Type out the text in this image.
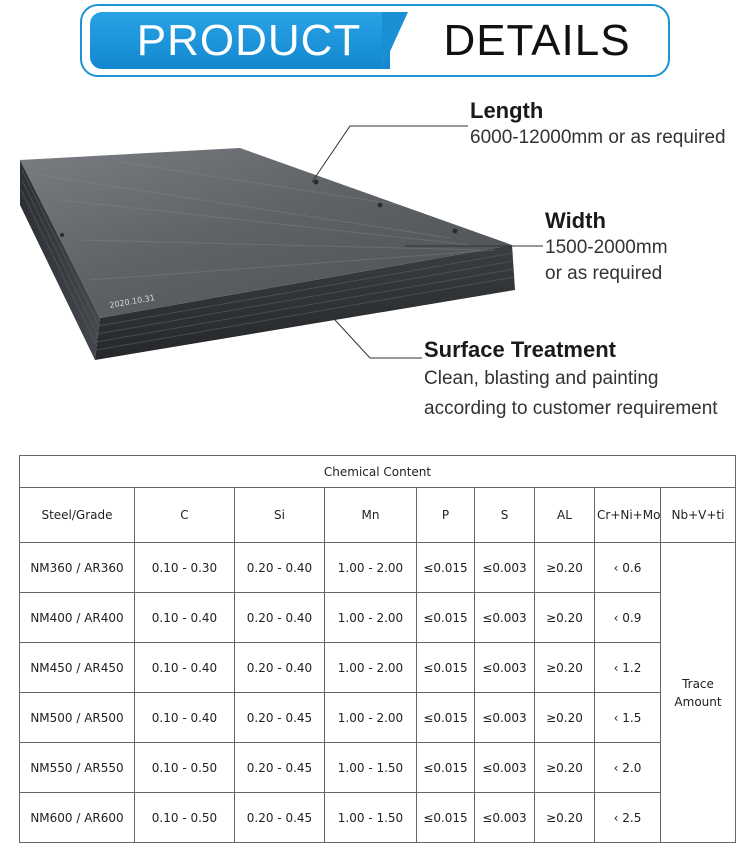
PRODUCT	DETAILS
2020.10.31
Length
6000-12000mm or as required
Width
1500-2000mm
or as required
Surface Treatment
Clean, blasting and painting
according to customer requirement
Chemical Content								
Steel/Grade	C	Si	Mn	P	S	AL	Cr+Ni+Mo	Nb+V+ti
NM360 / AR360	0.10 - 0.30	0.20 - 0.40	1.00 - 2.00	≤0.015	≤0.003	≥0.20	‹ 0.6	Trace
Amount

NM400 / AR400	0.10 - 0.40	0.20 - 0.40	1.00 - 2.00	≤0.015	≤0.003	≥0.20	‹ 0.9	
NM450 / AR450	0.10 - 0.40	0.20 - 0.40	1.00 - 2.00	≤0.015	≤0.003	≥0.20	‹ 1.2	
NM500 / AR500	0.10 - 0.40	0.20 - 0.45	1.00 - 2.00	≤0.015	≤0.003	≥0.20	‹ 1.5	
NM550 / AR550	0.10 - 0.50	0.20 - 0.45	1.00 - 1.50	≤0.015	≤0.003	≥0.20	‹ 2.0	
NM600 / AR600	0.10 - 0.50	0.20 - 0.45	1.00 - 1.50	≤0.015	≤0.003	≥0.20	‹ 2.5	
